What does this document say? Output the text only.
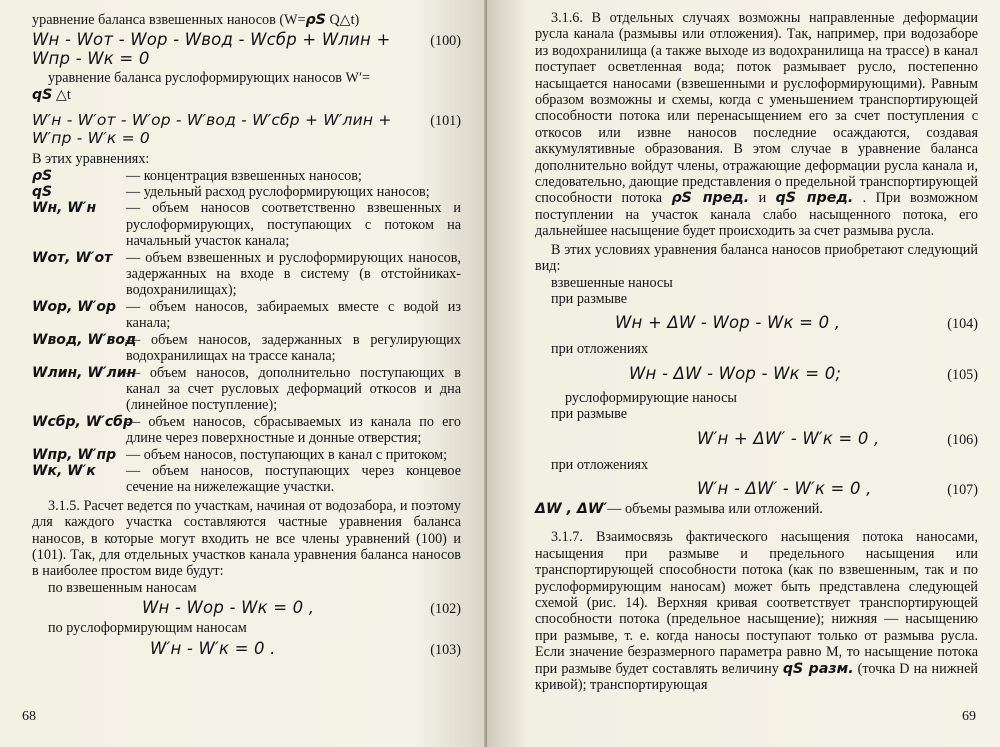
уравнение баланса взвешенных наносов (W=ρS Q△t)

Wн - Wот - Wор - Wвод - Wсбр + Wлин + Wпр - Wк = 0
(100)

уравнение баланса руслоформирующих наносов W′=

qS △t

W′н - W′от - W′ор - W′вод - W′сбр + W′лин + W′пр - W′к = 0
(101)

В этих уравнениях:

ρS	— концентрация взвешенных наносов;
qS	— удельный расход руслоформирующих наносов;
Wн, W′н	— объем наносов соответственно взвешенных и руслоформирующих, поступающих с потоком на начальный участок канала;
Wот, W′от — объем взвешенных и руслоформирующих наносов, задержанных на входе в систему (в отстойниках-водохранилищах);
Wор, W′ор — объем наносов, забираемых вместе с водой из канала;
Wвод, W′вод
— объем наносов, задержанных в регулирующих водохранилищах на трассе канала;
Wлин, W′лин
— объем наносов, дополнительно поступающих в канал за счет русловых деформаций откосов и дна (линейное поступление);
Wсбр, W′сбр
— объем наносов, сбрасываемых из канала по его длине через поверхностные и донные отверстия;
Wпр, W′пр — объем наносов, поступающих в канал с притоком;
Wк, W′к	— объем наносов, поступающих через концевое сечение на нижележащие участки.

3.1.5. Расчет ведется по участкам, начиная от водозабора, и поэтому для каждого участка составляются частные уравнения баланса наносов, в которые могут входить не все члены уравнений (100) и (101). Так, для отдельных участков канала уравнения баланса наносов в наиболее простом виде будут:

по взвешенным наносам

Wн - Wор - Wк = 0 ,	(102)

по руслоформирующим наносам

W′н - W′к = 0 .	(103)
68

3.1.6. В отдельных случаях возможны направленные деформации русла канала (размывы или отложения). Так, например, при водозаборе из водохранилища (а также выходе из водохранилища на трассе) в канал поступает осветленная вода; поток размывает русло, постепенно насыщается наносами (взвешенными и руслоформирующими). Равным образом возможны и схемы, когда с уменьшением транспортирующей способности потока или перенасыщением его за счет поступления с откосов или извне наносов последние осаждаются, создавая аккумулятивные образования. В этом случае в уравнение баланса дополнительно войдут члены, отражающие деформации русла канала и, следовательно, дающие представления о предельной транспортирующей способности потока ρS пред. и qS пред. . При возможном поступлении на участок канала слабо насыщенного потока, его дальнейшее насыщение будет происходить за счет размыва русла.

В этих условиях уравнения баланса наносов приобретают следующий вид:

взвешенные наносы

при размыве

Wн + ΔW - Wор - Wк = 0 ,	(104)

при отложениях

Wн - ΔW - Wор - Wк = 0;	(105)

руслоформирующие наносы

при размыве

W′н + ΔW′ - W′к = 0 ,	(106)

при отложениях

W′н - ΔW′ - W′к = 0 ,	(107)

ΔW , ΔW′— объемы размыва или отложений.

3.1.7. Взаимосвязь фактического насыщения потока наносами, насыщения при размыве и предельного насыщения или транспортирующей способности потока (как по взвешенным, так и по руслоформирующим наносам) может быть представлена следующей схемой (рис. 14). Верхняя кривая соответствует транспортирующей способности потока (предельное насыщение); нижняя — насыщению при размыве, т. е. когда наносы поступают только от размыва русла. Если значение безразмерного параметра равно M, то насыщение потока при размыве будет составлять величину qS разм. (точка D на нижней кривой); транспортирующая

69
